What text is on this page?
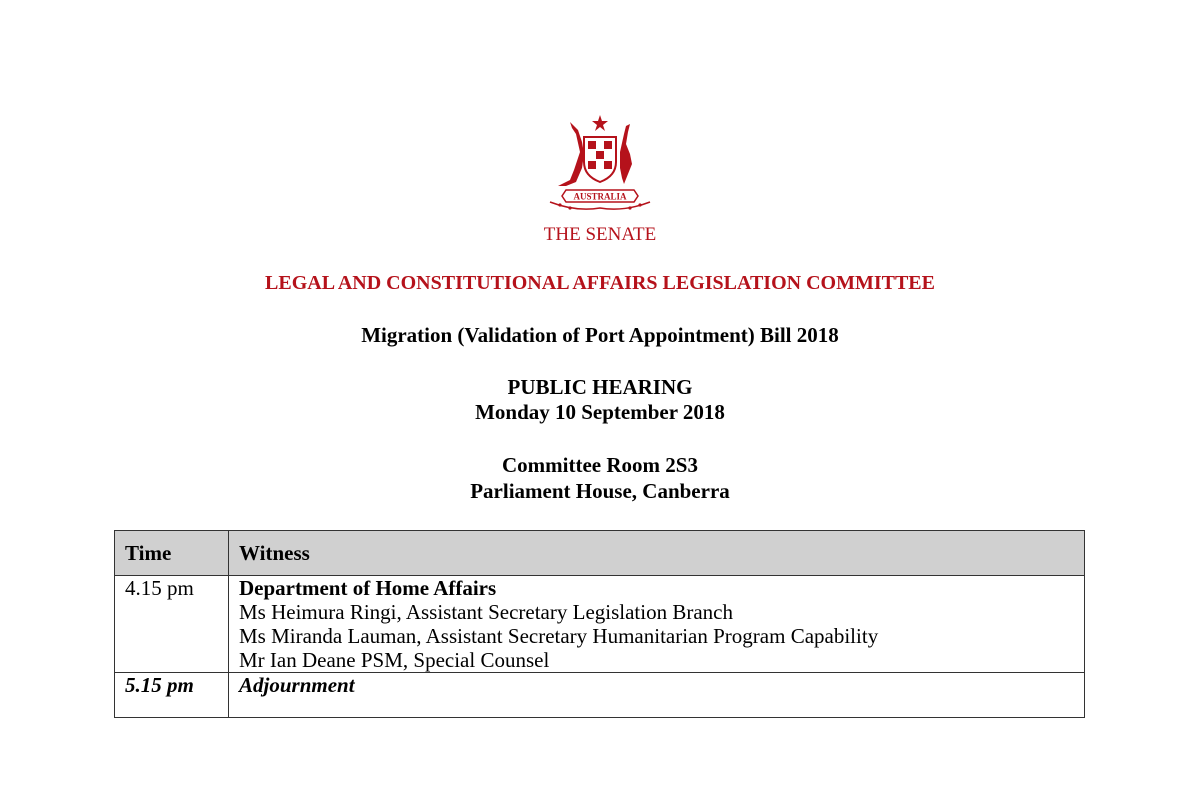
AUSTRALIA
THE SENATE
LEGAL AND CONSTITUTIONAL AFFAIRS LEGISLATION COMMITTEE
Migration (Validation of Port Appointment) Bill 2018
PUBLIC HEARING
Monday 10 September 2018
Committee Room 2S3
Parliament House, Canberra
Time	Witness
4.15 pm	Department of Home Affairs
Ms Heimura Ringi, Assistant Secretary Legislation Branch
Ms Miranda Lauman, Assistant Secretary Humanitarian Program Capability
Mr Ian Deane PSM, Special Counsel

5.15 pm	Adjournment
